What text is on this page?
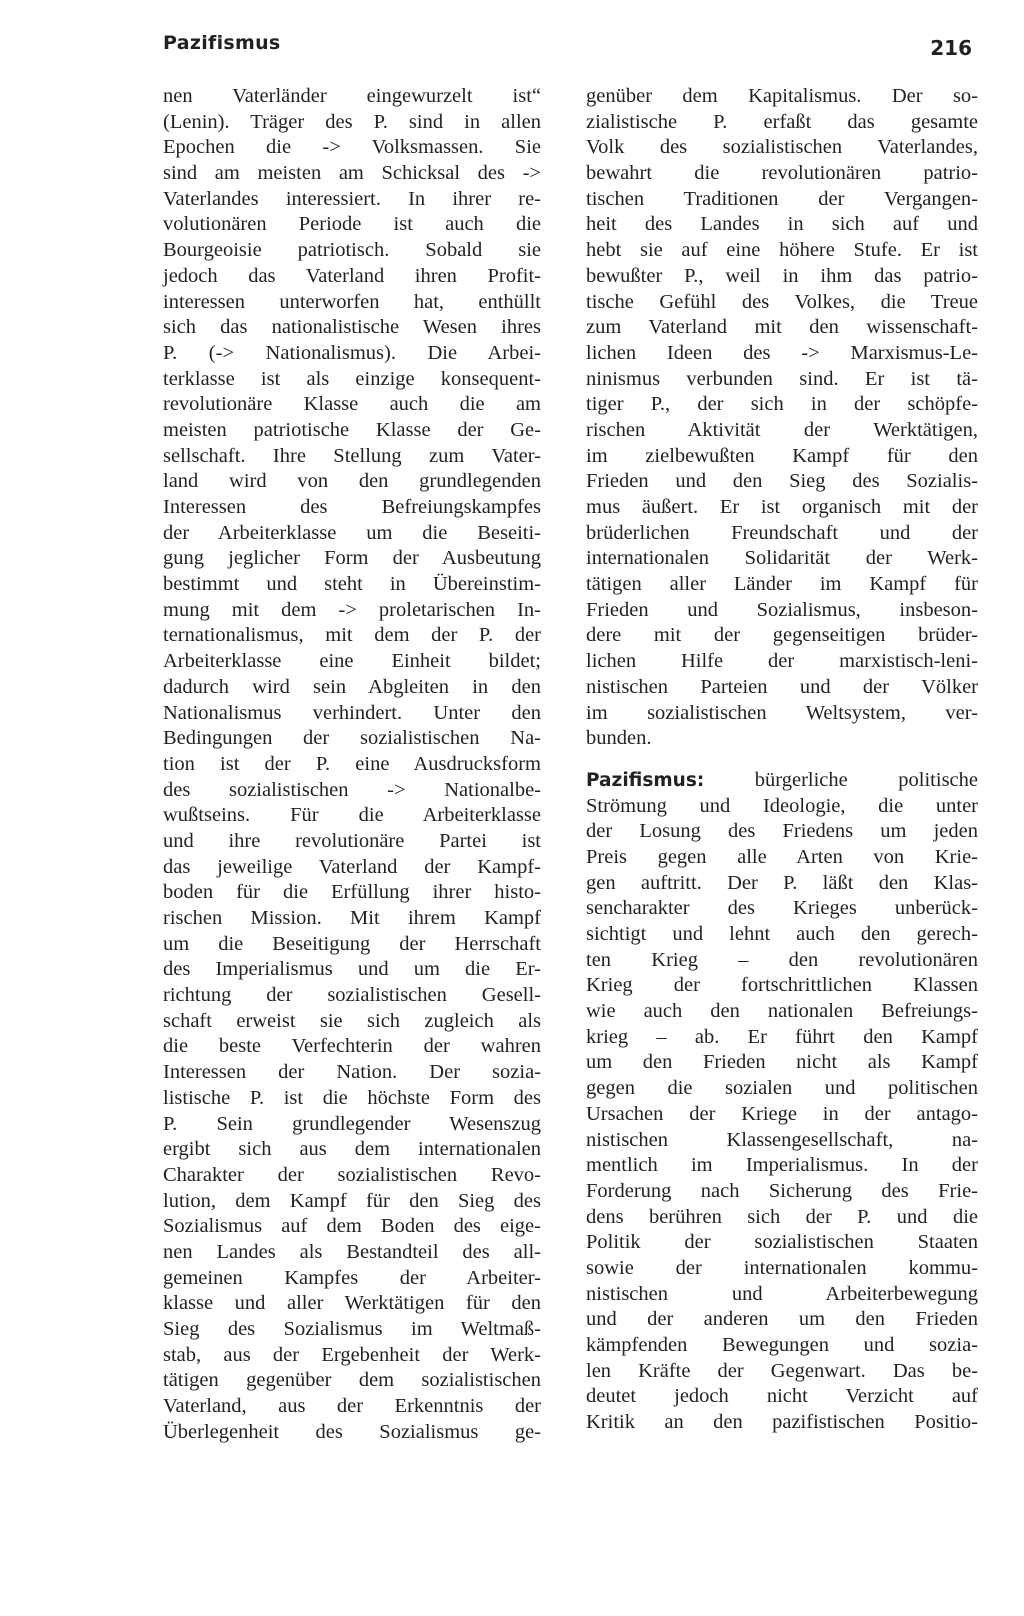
Pazifismus	216
nen Vaterländer eingewurzelt ist“
(Lenin). Träger des P. sind in allen
Epochen die -> Volksmassen. Sie
sind am meisten am Schicksal des ->
Vaterlandes interessiert. In ihrer re-
volutionären Periode ist auch die
Bourgeoisie patriotisch. Sobald sie
jedoch das Vaterland ihren Profit-
interessen unterworfen hat, enthüllt
sich das nationalistische Wesen ihres
P. (-> Nationalismus). Die Arbei-
terklasse ist als einzige konsequent-
revolutionäre Klasse auch die am
meisten patriotische Klasse der Ge-
sellschaft. Ihre Stellung zum Vater-
land wird von den grundlegenden
Interessen des Befreiungskampfes
der Arbeiterklasse um die Beseiti-
gung jeglicher Form der Ausbeutung
bestimmt und steht in Übereinstim-
mung mit dem -> proletarischen In-
ternationalismus, mit dem der P. der
Arbeiterklasse eine Einheit bildet;
dadurch wird sein Abgleiten in den
Nationalismus verhindert. Unter den
Bedingungen der sozialistischen Na-
tion ist der P. eine Ausdrucksform
des sozialistischen -> Nationalbe-
wußtseins. Für die Arbeiterklasse
und ihre revolutionäre Partei ist
das jeweilige Vaterland der Kampf-
boden für die Erfüllung ihrer histo-
rischen Mission. Mit ihrem Kampf
um die Beseitigung der Herrschaft
des Imperialismus und um die Er-
richtung der sozialistischen Gesell-
schaft erweist sie sich zugleich als
die beste Verfechterin der wahren
Interessen der Nation. Der sozia-
listische P. ist die höchste Form des
P. Sein grundlegender Wesenszug
ergibt sich aus dem internationalen
Charakter der sozialistischen Revo-
lution, dem Kampf für den Sieg des
Sozialismus auf dem Boden des eige-
nen Landes als Bestandteil des all-
gemeinen Kampfes der Arbeiter-
klasse und aller Werktätigen für den
Sieg des Sozialismus im Weltmaß-
stab, aus der Ergebenheit der Werk-
tätigen gegenüber dem sozialistischen
Vaterland, aus der Erkenntnis der
Überlegenheit des Sozialismus ge-
genüber dem Kapitalismus. Der so-
zialistische P. erfaßt das gesamte
Volk des sozialistischen Vaterlandes,
bewahrt die revolutionären patrio-
tischen Traditionen der Vergangen-
heit des Landes in sich auf und
hebt sie auf eine höhere Stufe. Er ist
bewußter P., weil in ihm das patrio-
tische Gefühl des Volkes, die Treue
zum Vaterland mit den wissenschaft-
lichen Ideen des -> Marxismus-Le-
ninismus verbunden sind. Er ist tä-
tiger P., der sich in der schöpfe-
rischen Aktivität der Werktätigen,
im zielbewußten Kampf für den
Frieden und den Sieg des Sozialis-
mus äußert. Er ist organisch mit der
brüderlichen Freundschaft und der
internationalen Solidarität der Werk-
tätigen aller Länder im Kampf für
Frieden und Sozialismus, insbeson-
dere mit der gegenseitigen brüder-
lichen Hilfe der marxistisch-leni-
nistischen Parteien und der Völker
im sozialistischen Weltsystem, ver-
bunden.
Pazifismus: bürgerliche politische
Strömung und Ideologie, die unter
der Losung des Friedens um jeden
Preis gegen alle Arten von Krie-
gen auftritt. Der P. läßt den Klas-
sencharakter des Krieges unberück-
sichtigt und lehnt auch den gerech-
ten Krieg – den revolutionären
Krieg der fortschrittlichen Klassen
wie auch den nationalen Befreiungs-
krieg – ab. Er führt den Kampf
um den Frieden nicht als Kampf
gegen die sozialen und politischen
Ursachen der Kriege in der antago-
nistischen Klassengesellschaft, na-
mentlich im Imperialismus. In der
Forderung nach Sicherung des Frie-
dens berühren sich der P. und die
Politik der sozialistischen Staaten
sowie der internationalen kommu-
nistischen und Arbeiterbewegung
und der anderen um den Frieden
kämpfenden Bewegungen und sozia-
len Kräfte der Gegenwart. Das be-
deutet jedoch nicht Verzicht auf
Kritik an den pazifistischen Positio-
